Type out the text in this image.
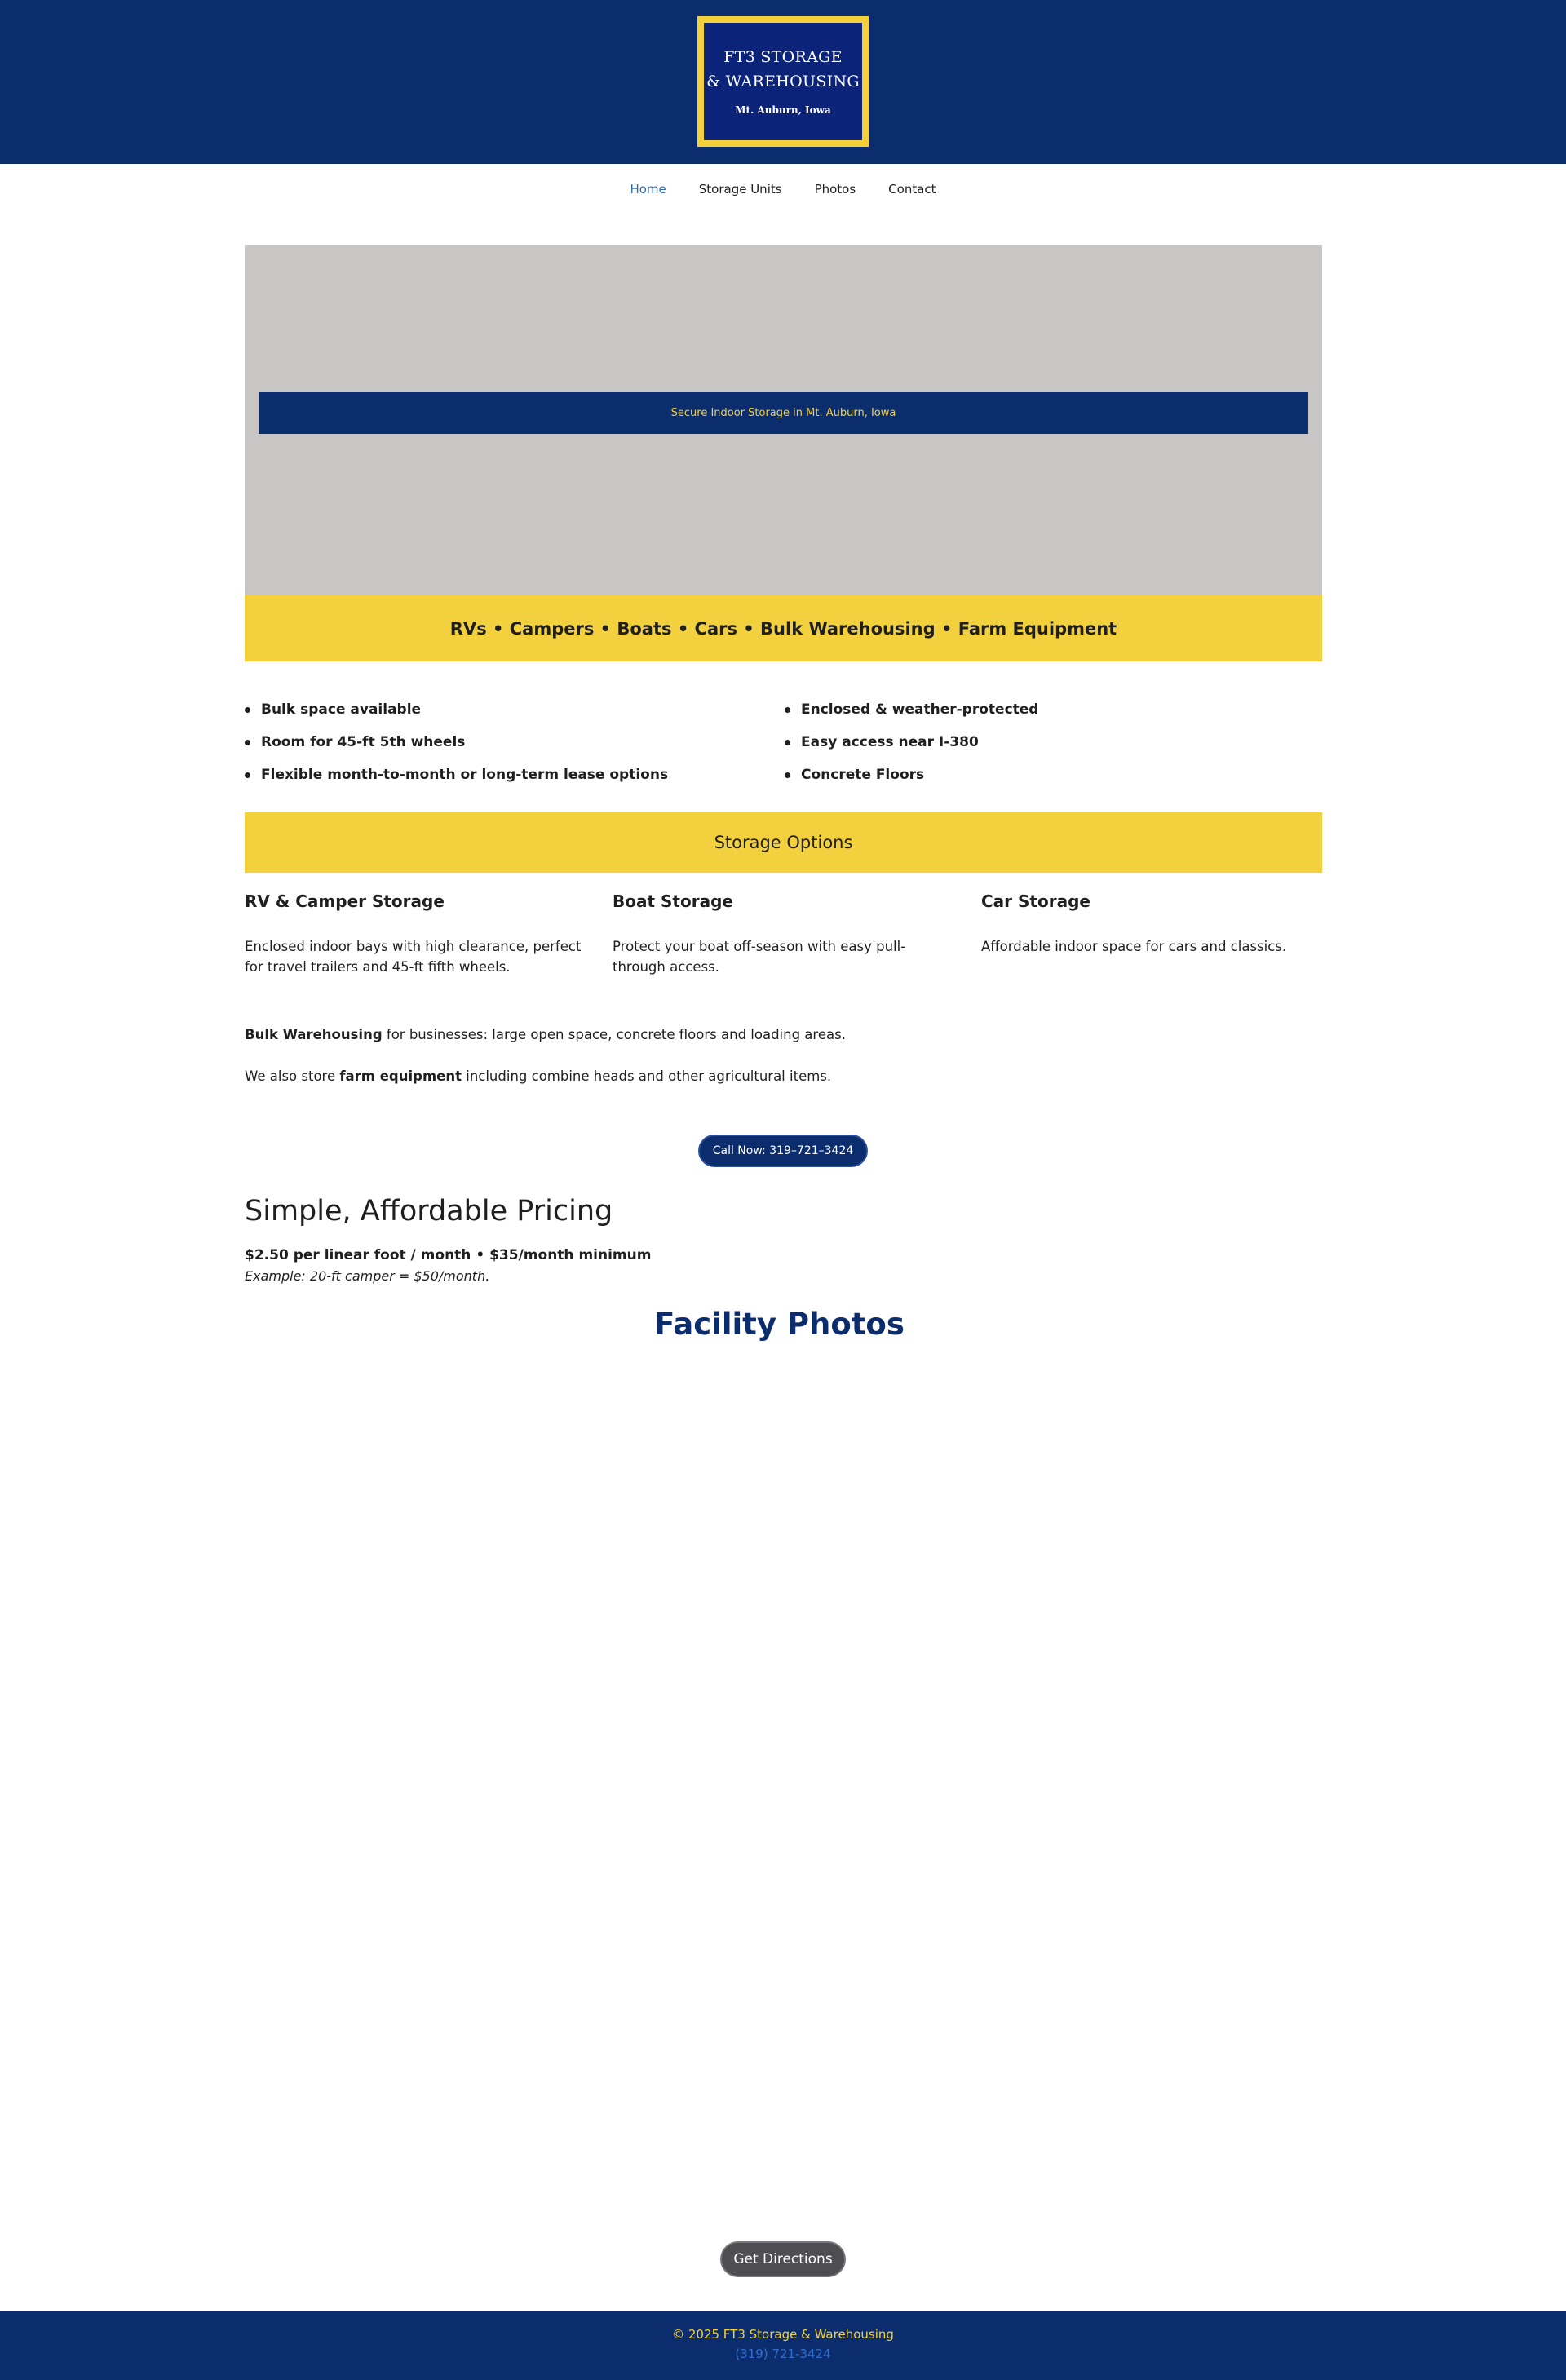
FT3 STORAGE
& WAREHOUSING
Mt. Auburn, Iowa
Home	Storage Units	Photos	Contact
Secure Indoor Storage in Mt. Auburn, Iowa
RVs • Campers • Boats • Cars • Bulk Warehousing • Farm Equipment
Bulk space available
Room for 45-ft 5th wheels
Flexible month-to-month or long-term lease options
Enclosed & weather-protected
Easy access near I-380
Concrete Floors
Storage Options
RV & Camper Storage

Enclosed indoor bays with high clearance, perfect for travel trailers and 45-ft fifth wheels.

Boat Storage

Protect your boat off-season with easy pull-through access.

Car Storage

Affordable indoor space for cars and classics.

Bulk Warehousing for businesses: large open space, concrete floors and loading areas.

We also store farm equipment including combine heads and other agricultural items.

Call Now: 319–721–3424
Simple, Affordable Pricing
$2.50 per linear foot / month • $35/month minimum
Example: 20-ft camper = $50/month.
Facility Photos
Get Directions
© 2025 FT3 Storage & Warehousing
(319) 721-3424
